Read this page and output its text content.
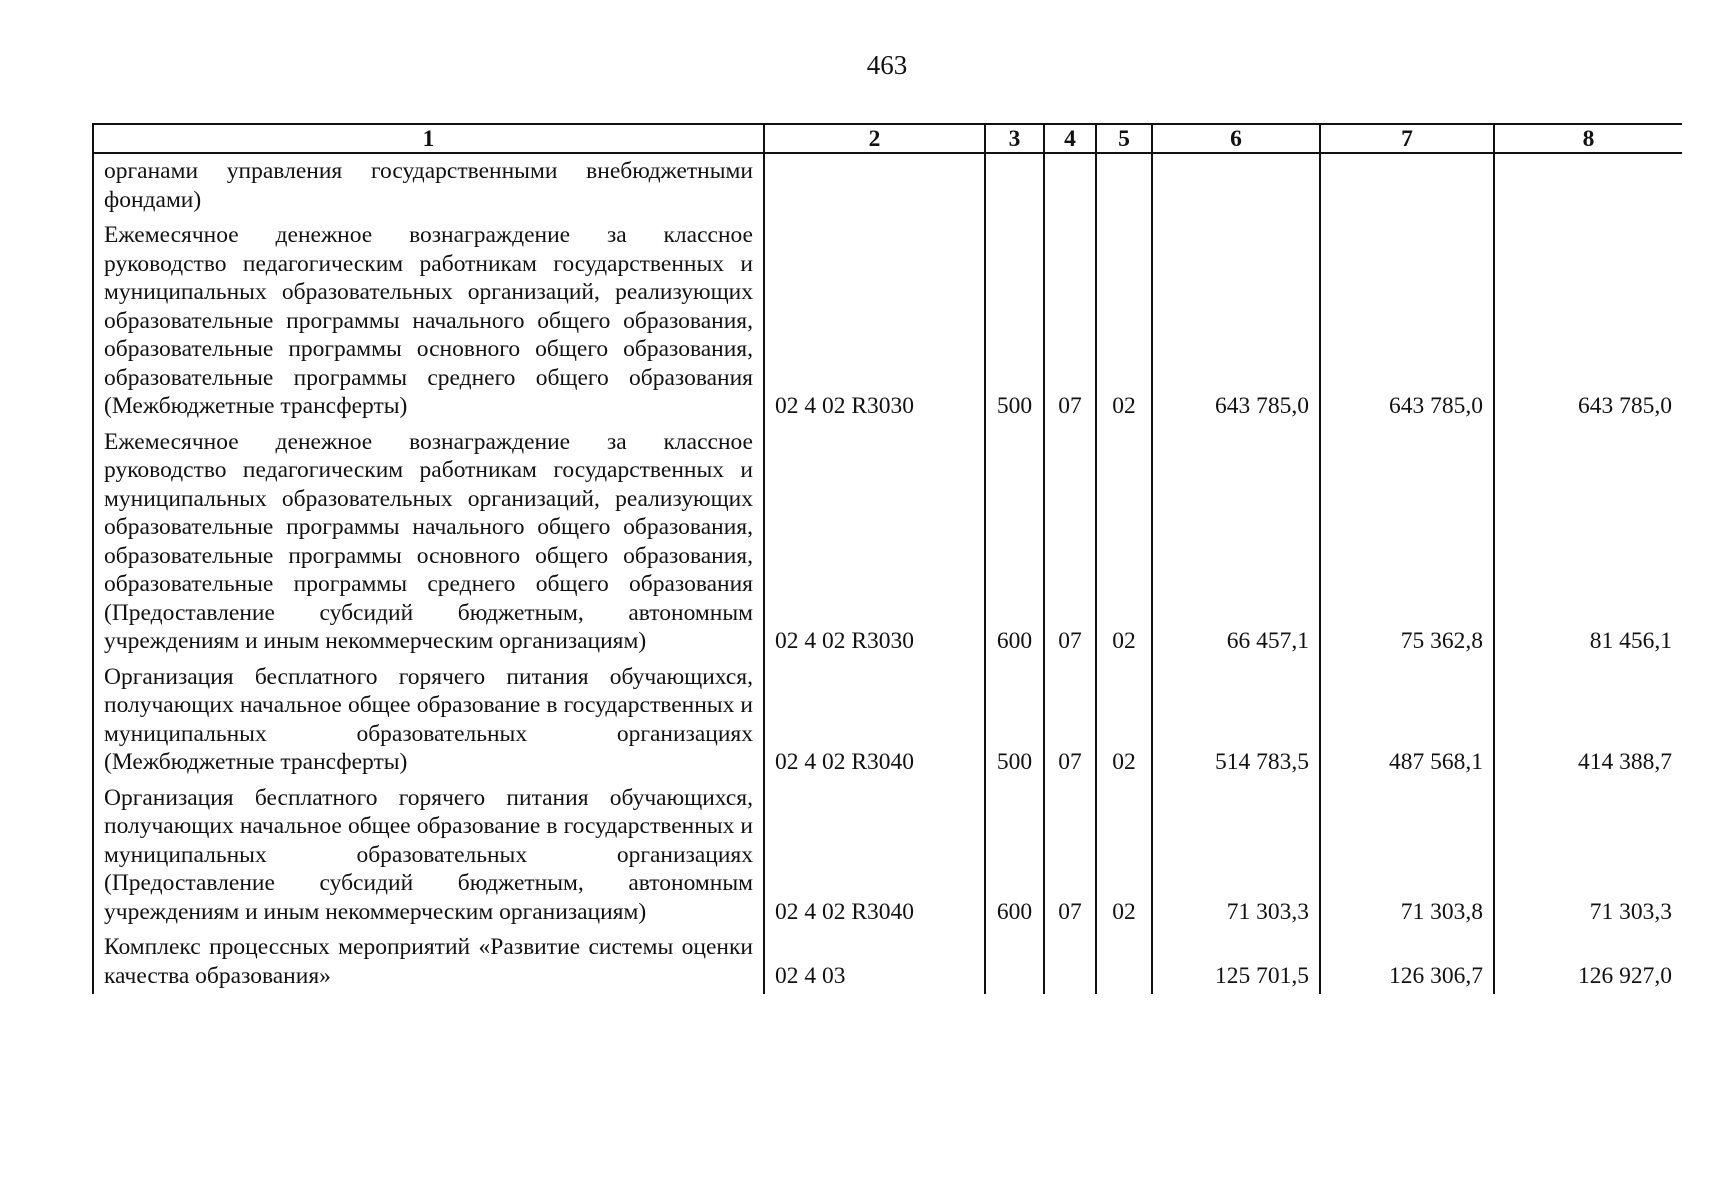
463
1	2	3	4	5	6	7	8
органами управления государственными внебюджетными фондами)							
Ежемесячное денежное вознаграждение за классное руководство педагогическим работникам государственных и муниципальных образовательных организаций, реализующих образовательные программы начального общего образования, образовательные программы основного общего образования, образовательные программы среднего общего образования (Межбюджетные трансферты)	02 4 02 R3030	500	07	02	643 785,0	643 785,0	643 785,0
Ежемесячное денежное вознаграждение за классное руководство педагогическим работникам государственных и муниципальных образовательных организаций, реализующих образовательные программы начального общего образования, образовательные программы основного общего образования, образовательные программы среднего общего образования (Предоставление субсидий бюджетным, автономным учреждениям и иным некоммерческим организациям)	02 4 02 R3030	600	07	02	66 457,1	75 362,8	81 456,1
Организация бесплатного горячего питания обучающихся, получающих начальное общее образование в государственных и муниципальных образовательных организациях (Межбюджетные трансферты)	02 4 02 R3040	500	07	02	514 783,5	487 568,1	414 388,7
Организация бесплатного горячего питания обучающихся, получающих начальное общее образование в государственных и муниципальных образовательных организациях (Предоставление субсидий бюджетным, автономным учреждениям и иным некоммерческим организациям)	02 4 02 R3040	600	07	02	71 303,3	71 303,8	71 303,3
Комплекс процессных мероприятий «Развитие системы оценки качества образования»	02 4 03				125 701,5	126 306,7	126 927,0
